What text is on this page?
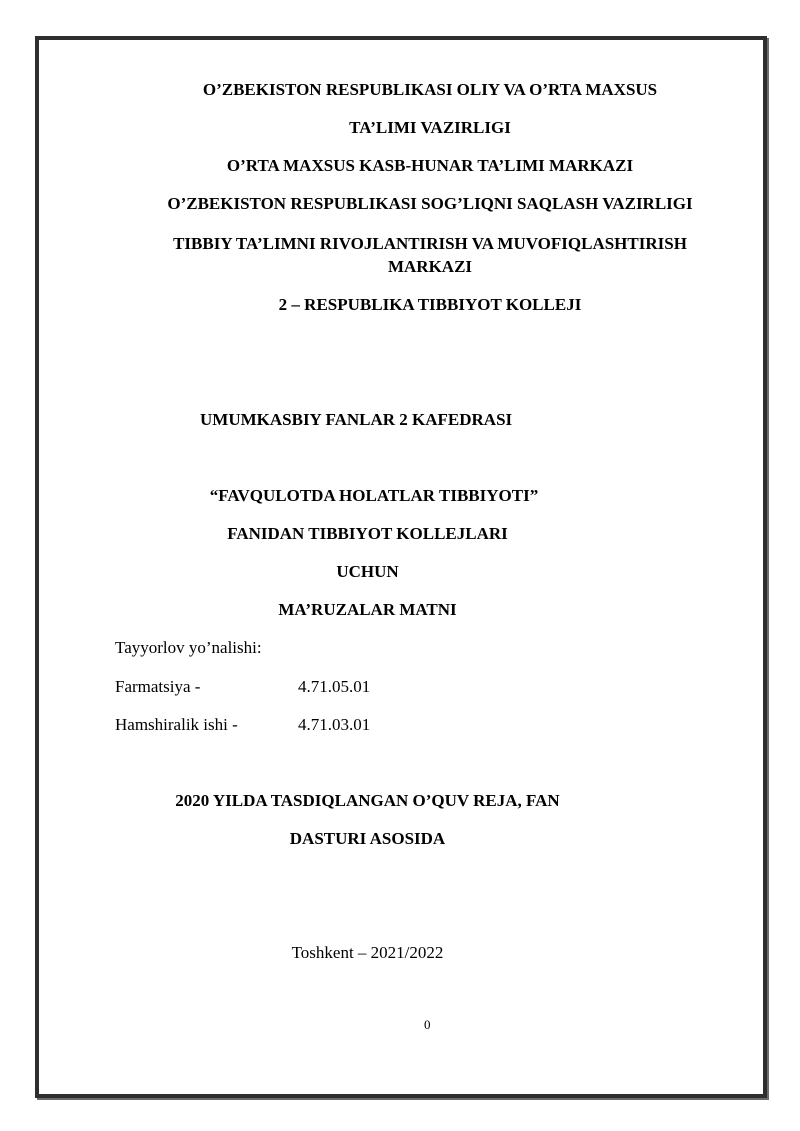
O’ZBEKISTON RESPUBLIKASI OLIY VA O’RTA MAXSUS
TA’LIMI VAZIRLIGI
O’RTA MAXSUS KASB-HUNAR TA’LIMI MARKAZI
O’ZBEKISTON RESPUBLIKASI SOG’LIQNI SAQLASH VAZIRLIGI
TIBBIY TA’LIMNI RIVOJLANTIRISH VA MUVOFIQLASHTIRISH
MARKAZI
2 – RESPUBLIKA TIBBIYOT KOLLEJI
UMUMKASBIY FANLAR 2 KAFEDRASI
“FAVQULOTDA HOLATLAR TIBBIYOTI”
FANIDAN TIBBIYOT KOLLEJLARI
UCHUN
MA’RUZALAR MATNI
Tayyorlov yo’nalishi:
Farmatsiya -	4.71.05.01
Hamshiralik ishi -	4.71.03.01
2020 YILDA TASDIQLANGAN O’QUV REJA, FAN
DASTURI ASOSIDA
Toshkent – 2021/2022
0
